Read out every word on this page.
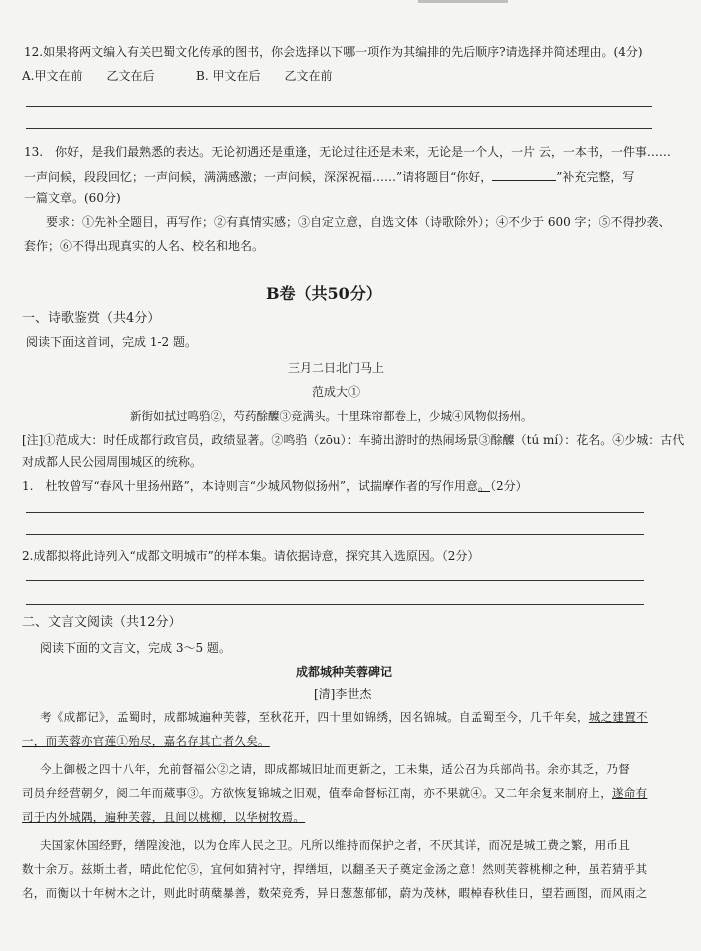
12.如果将两文编入有关巴蜀文化传承的图书，你会选择以下哪一项作为其编排的先后顺序?请选择并简述理由。(4分)
A.甲文在前　　乙文在后	B. 甲文在后　　乙文在前
13.　你好，是我们最熟悉的表达。无论初遇还是重逢，无论过往还是未来，无论是一个人，一片 云，一本书，一件事……
一声问候，段段回忆；一声问候，满满感激；一声问候，深深祝福……”请将题目“你好，	”补充完整，写
一篇文章。(60分)
要求：①先补全题目，再写作；②有真情实感；③自定立意，自选文体（诗歌除外）；④不少于 600 字；⑤不得抄袭、
套作；⑥不得出现真实的人名、校名和地名。
B卷（共50分）
一、诗歌鉴赏（共4分）
阅读下面这首词，完成 1-2 题。
三月二日北门马上
范成大①
新街如拭过鸣驺②，芍药酴醾③竞满头。十里珠帘都卷上，少城④风物似扬州。
[注]①范成大：时任成都行政官员，政绩显著。②鸣驺（zōu）：车骑出游时的热闹场景③酴醾（tú mí）：花名。④少城：古代
对成都人民公园周围城区的统称。
1.　杜牧曾写“春风十里扬州路”，本诗则言“少城风物似扬州”，试揣摩作者的写作用意。（2分）
2.成都拟将此诗列入“成都文明城市”的样本集。请依据诗意，探究其入选原因。（2分）
二、文言文阅读（共12分）
阅读下面的文言文，完成 3～5 题。
成都城种芙蓉碑记
[清]李世杰
考《成都记》，孟蜀时，成都城遍种芙蓉，至秋花开，四十里如锦绣，因名锦城。自孟蜀至今，几千年矣，城之建置不
一，而芙蓉亦官莲①殆尽，嘉名存其亡者久矣。
今上御极之四十八年，允前督福公②之请，即成都城旧址而更新之，工未集，适公召为兵部尚书。余亦其乏，乃督
司员弁经营朝夕，阅二年而蒇事③。方欲恢复锦城之旧观，值奉命督标江南，亦不果就④。又二年余复来制府上，遂命有
司于内外城隅，遍种芙蓉，且间以桃柳，以华树牧焉。
夫国家休国经野，缮隍浚池，以为仓库人民之卫。凡所以维持而保护之者，不厌其详，而况是城工费之繁，用币且
数十余万。兹斯土者，晴此佗佗⑤，宜何如猜衬守，捍缮垣，以翻圣天子奠定金汤之意！然则芙蓉桃柳之种，虽若猜乎其
名，而衡以十年树木之计，则此时萌蘖暴善，数荣竞秀，异日葱葱郁郁，蔚为茂林，暇棹春秋佳日，望若画图，而风雨之
